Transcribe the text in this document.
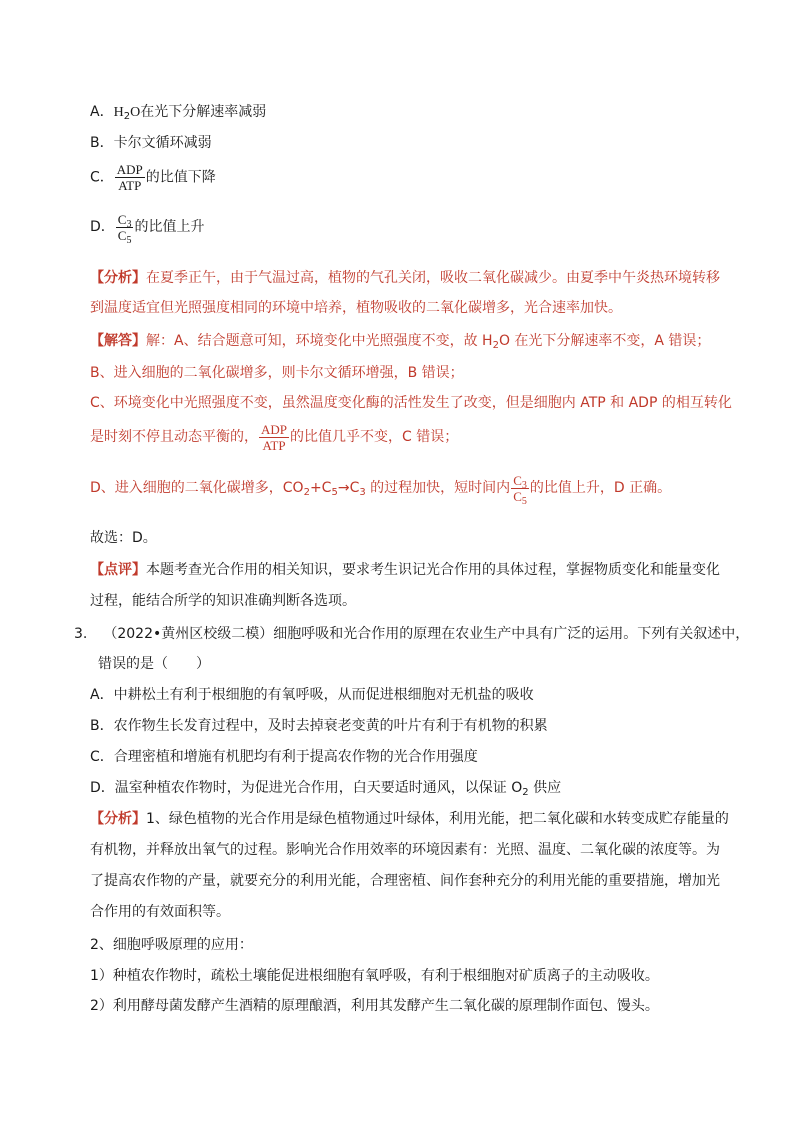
A．$H_2O$在光下分解速率减弱
B．卡尔文循环减弱
C． $\frac{\text{ADP}}{\text{ATP}}$ 的比值下降
D． $\frac{C_3}{C_5}$ 的比值上升
【分析】在夏季正午，由于气温过高，植物的气孔关闭，吸收二氧化碳减少。由夏季中午炎热环境转移
到温度适宜但光照强度相同的环境中培养，植物吸收的二氧化碳增多，光合速率加快。
【解答】解：A、结合题意可知，环境变化中光照强度不变，故 $H_2O$ 在光下分解速率不变，A 错误；
B、进入细胞的二氧化碳增多，则卡尔文循环增强，B 错误；
C、环境变化中光照强度不变，虽然温度变化酶的活性发生了改变，但是细胞内 ATP 和 ADP 的相互转化
是时刻不停且动态平衡的， $\frac{\text{ADP}}{\text{ATP}}$ 的比值几乎不变，C 错误；
D、进入细胞的二氧化碳增多，$CO_2+C_5\to C_3$ 的过程加快，短时间内 $\frac{C_3}{C_5}$ 的比值上升，D 正确。
故选：D。
【点评】本题考查光合作用的相关知识，要求考生识记光合作用的具体过程，掌握物质变化和能量变化
过程，能结合所学的知识准确判断各选项。
3. （2022•黄州区校级二模）细胞呼吸和光合作用的原理在农业生产中具有广泛的运用。下列有关叙述中，
错误的是（　　）
A．中耕松土有利于根细胞的有氧呼吸，从而促进根细胞对无机盐的吸收
B．农作物生长发育过程中，及时去掉衰老变黄的叶片有利于有机物的积累
C．合理密植和增施有机肥均有利于提高农作物的光合作用强度
D．温室种植农作物时，为促进光合作用，白天要适时通风，以保证 $O_2$ 供应
【分析】1、绿色植物的光合作用是绿色植物通过叶绿体，利用光能，把二氧化碳和水转变成贮存能量的
有机物，并释放出氧气的过程。影响光合作用效率的环境因素有：光照、温度、二氧化碳的浓度等。为
了提高农作物的产量，就要充分的利用光能，合理密植、间作套种充分的利用光能的重要措施，增加光
合作用的有效面积等。
2、细胞呼吸原理的应用：
1）种植农作物时，疏松土壤能促进根细胞有氧呼吸，有利于根细胞对矿质离子的主动吸收。
2）利用酵母菌发酵产生酒精的原理酿酒，利用其发酵产生二氧化碳的原理制作面包、馒头。
